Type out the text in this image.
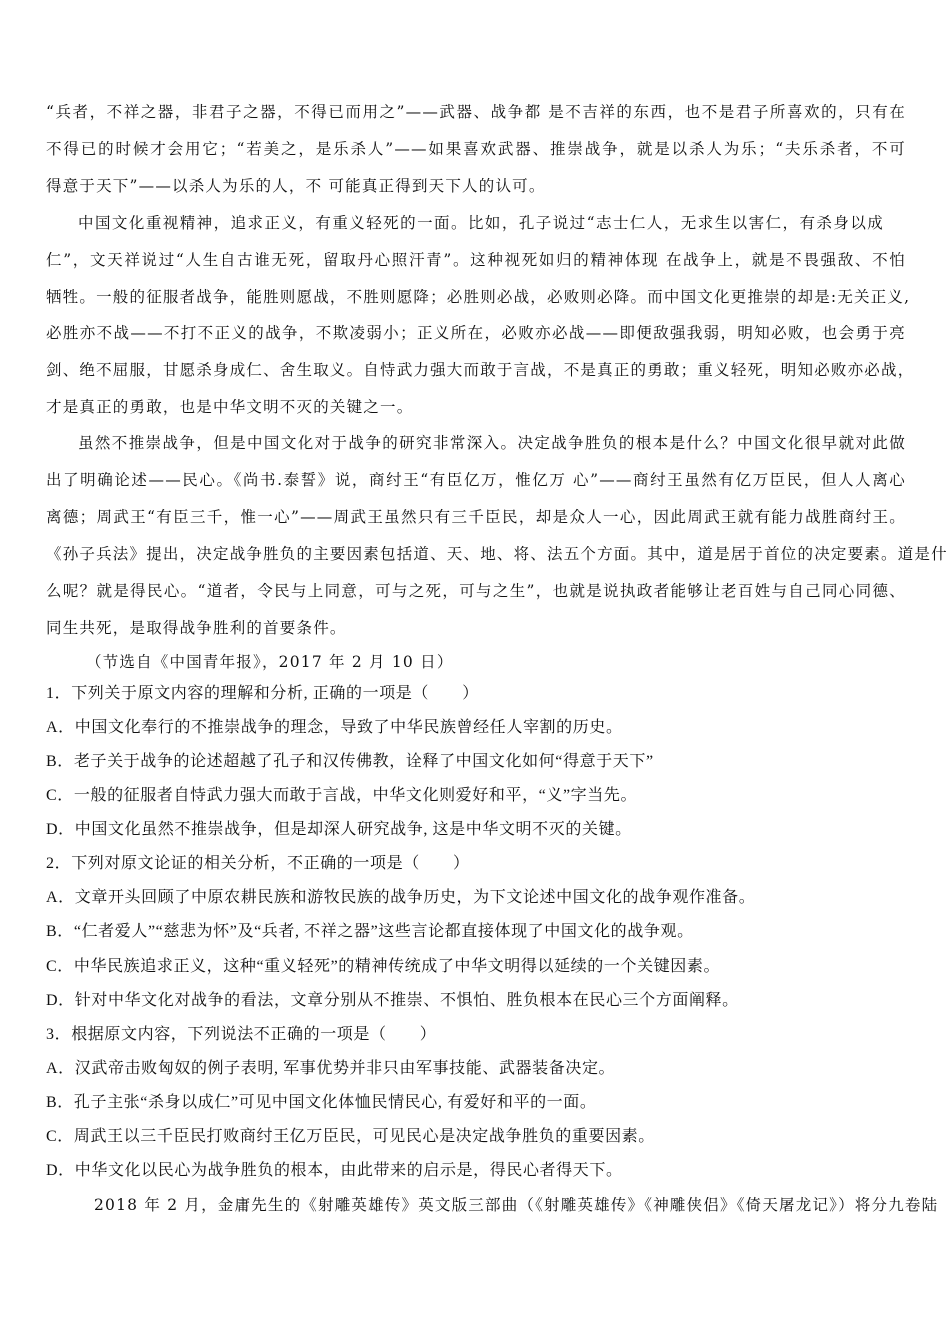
“兵者，不祥之器，非君子之器，不得已而用之”——武器、战争都 是不吉祥的东西，也不是君子所喜欢的，只有在
不得已的时候才会用它；“若美之，是乐杀人”——如果喜欢武器、推崇战争，就是以杀人为乐；“夫乐杀者，不可
得意于天下”——以杀人为乐的人，不 可能真正得到天下人的认可。
中国文化重视精神，追求正义，有重义轻死的一面。比如，孔子说过“志士仁人，无求生以害仁，有杀身以成
仁”，文天祥说过“人生自古谁无死，留取丹心照汗青”。这种视死如归的精神体现 在战争上，就是不畏强敌、不怕
牺牲。一般的征服者战争，能胜则愿战，不胜则愿降；必胜则必战，必败则必降。而中国文化更推崇的却是:无关正义,
必胜亦不战——不打不正义的战争，不欺凌弱小；正义所在，必败亦必战——即便敌强我弱，明知必败，也会勇于亮
剑、绝不屈服，甘愿杀身成仁、舍生取义。自恃武力强大而敢于言战，不是真正的勇敢；重义轻死，明知必败亦必战，
才是真正的勇敢，也是中华文明不灭的关键之一。
虽然不推崇战争，但是中国文化对于战争的研究非常深入。决定战争胜负的根本是什么？中国文化很早就对此做
出了明确论述——民心。《尚书.泰誓》说，商纣王“有臣亿万，惟亿万 心”——商纣王虽然有亿万臣民，但人人离心
离德；周武王“有臣三千，惟一心”——周武王虽然只有三千臣民，却是众人一心，因此周武王就有能力战胜商纣王。
《孙子兵法》提出，决定战争胜负的主要因素包括道、天、地、将、法五个方面。其中，道是居于首位的决定要素。道是什
么呢？就是得民心。“道者，令民与上同意，可与之死，可与之生”，也就是说执政者能够让老百姓与自己同心同德、
同生共死，是取得战争胜利的首要条件。
（节选自《中国青年报》，2017 年 2 月 10 日）
1．下列关于原文内容的理解和分析, 正确的一项是（　　）
A．中国文化奉行的不推崇战争的理念，导致了中华民族曾经任人宰割的历史。
B．老子关于战争的论述超越了孔子和汉传佛教，诠释了中国文化如何“得意于天下”
C．一般的征服者自恃武力强大而敢于言战，中华文化则爱好和平，“义”字当先。
D．中国文化虽然不推崇战争，但是却深人研究战争, 这是中华文明不灭的关键。
2．下列对原文论证的相关分析，不正确的一项是（　　）
A．文章开头回顾了中原农耕民族和游牧民族的战争历史，为下文论述中国文化的战争观作准备。
B．“仁者爱人”“慈悲为怀”及“兵者, 不祥之器”这些言论都直接体现了中国文化的战争观。
C．中华民族追求正义，这种“重义轻死”的精神传统成了中华文明得以延续的一个关键因素。
D．针对中华文化对战争的看法，文章分别从不推崇、不惧怕、胜负根本在民心三个方面阐释。
3．根据原文内容，下列说法不正确的一项是（　　）
A．汉武帝击败匈奴的例子表明, 军事优势并非只由军事技能、武器装备决定。
B．孔子主张“杀身以成仁”可见中国文化体恤民情民心, 有爱好和平的一面。
C．周武王以三千臣民打败商纣王亿万臣民，可见民心是决定战争胜负的重要因素。
D．中华文化以民心为战争胜负的根本，由此带来的启示是，得民心者得天下。
2018 年 2 月，金庸先生的《射雕英雄传》英文版三部曲（《射雕英雄传》《神雕侠侣》《倚天屠龙记》）将分九卷陆
